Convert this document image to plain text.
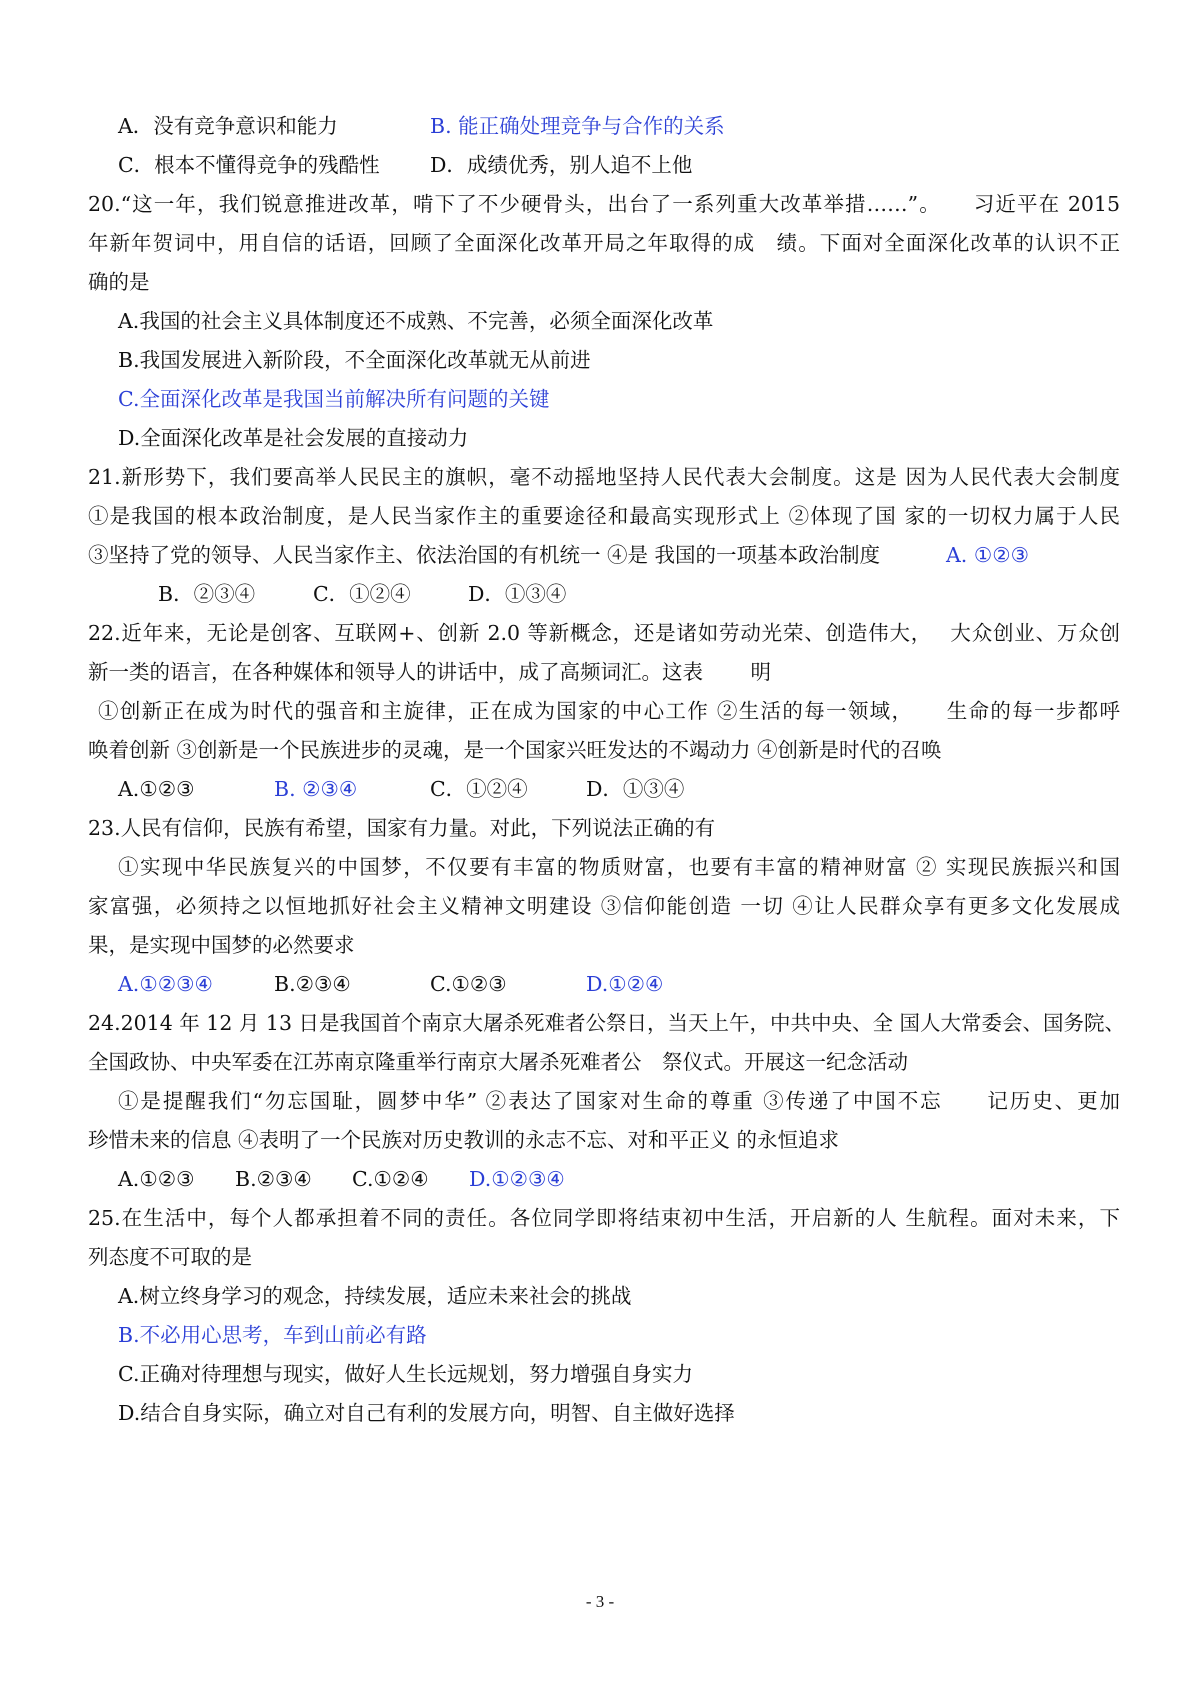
A．没有竞争意识和能力	B. 能正确处理竞争与合作的关系
C．根本不懂得竞争的残酷性 D．成绩优秀，别人追不上他
20.“这一年，我们锐意推进改革，啃下了不少硬骨头，出台了一系列重大改革举措……”。　　习近平在 2015
年新年贺词中，用自信的话语，回顾了全面深化改革开局之年取得的成　绩。下面对全面深化改革的认识不正
确的是
A.我国的社会主义具体制度还不成熟、不完善，必须全面深化改革
B.我国发展进入新阶段，不全面深化改革就无从前进
C.全面深化改革是我国当前解决所有问题的关键
D.全面深化改革是社会发展的直接动力
21.新形势下，我们要高举人民民主的旗帜，毫不动摇地坚持人民代表大会制度。这是 因为人民代表大会制度
①是我国的根本政治制度，是人民当家作主的重要途径和最高实现形式上 ②体现了国 家的一切权力属于人民
③坚持了党的领导、人民当家作主、依法治国的有机统一 ④是 我国的一项基本政治制度	A. ①②③
B．②③④	C．①②④	D．①③④
22.近年来，无论是创客、互联网+、创新 2.0 等新概念，还是诸如劳动光荣、创造伟大，　 大众创业、万众创
新一类的语言，在各种媒体和领导人的讲话中，成了高频词汇。这表　　 明
①创新正在成为时代的强音和主旋律，正在成为国家的中心工作 ②生活的每一领域，　　生命的每一步都呼
唤着创新 ③创新是一个民族进步的灵魂，是一个国家兴旺发达的不竭动力 ④创新是时代的召唤
A.①②③	B. ②③④	C．①②④	D．①③④
23.人民有信仰，民族有希望，国家有力量。对此，下列说法正确的有
①实现中华民族复兴的中国梦，不仅要有丰富的物质财富，也要有丰富的精神财富 ② 实现民族振兴和国
家富强，必须持之以恒地抓好社会主义精神文明建设 ③信仰能创造 一切 ④让人民群众享有更多文化发展成
果，是实现中国梦的必然要求
A.①②③④	B.②③④	C.①②③	D.①②④
24.2014 年 12 月 13 日是我国首个南京大屠杀死难者公祭日，当天上午，中共中央、全 国人大常委会、国务院、
全国政协、中央军委在江苏南京隆重举行南京大屠杀死难者公　祭仪式。开展这一纪念活动
①是提醒我们“勿忘国耻，圆梦中华” ②表达了国家对生命的尊重 ③传递了中国不忘　　记历史、更加
珍惜未来的信息 ④表明了一个民族对历史教训的永志不忘、对和平正义 的永恒追求
A.①②③ B.②③④ C.①②④ D.①②③④
25.在生活中，每个人都承担着不同的责任。各位同学即将结束初中生活，开启新的人 生航程。面对未来，下
列态度不可取的是
A.树立终身学习的观念，持续发展，适应未来社会的挑战
B.不必用心思考，车到山前必有路
C.正确对待理想与现实，做好人生长远规划，努力增强自身实力
D.结合自身实际，确立对自己有利的发展方向，明智、自主做好选择
- 3 -
